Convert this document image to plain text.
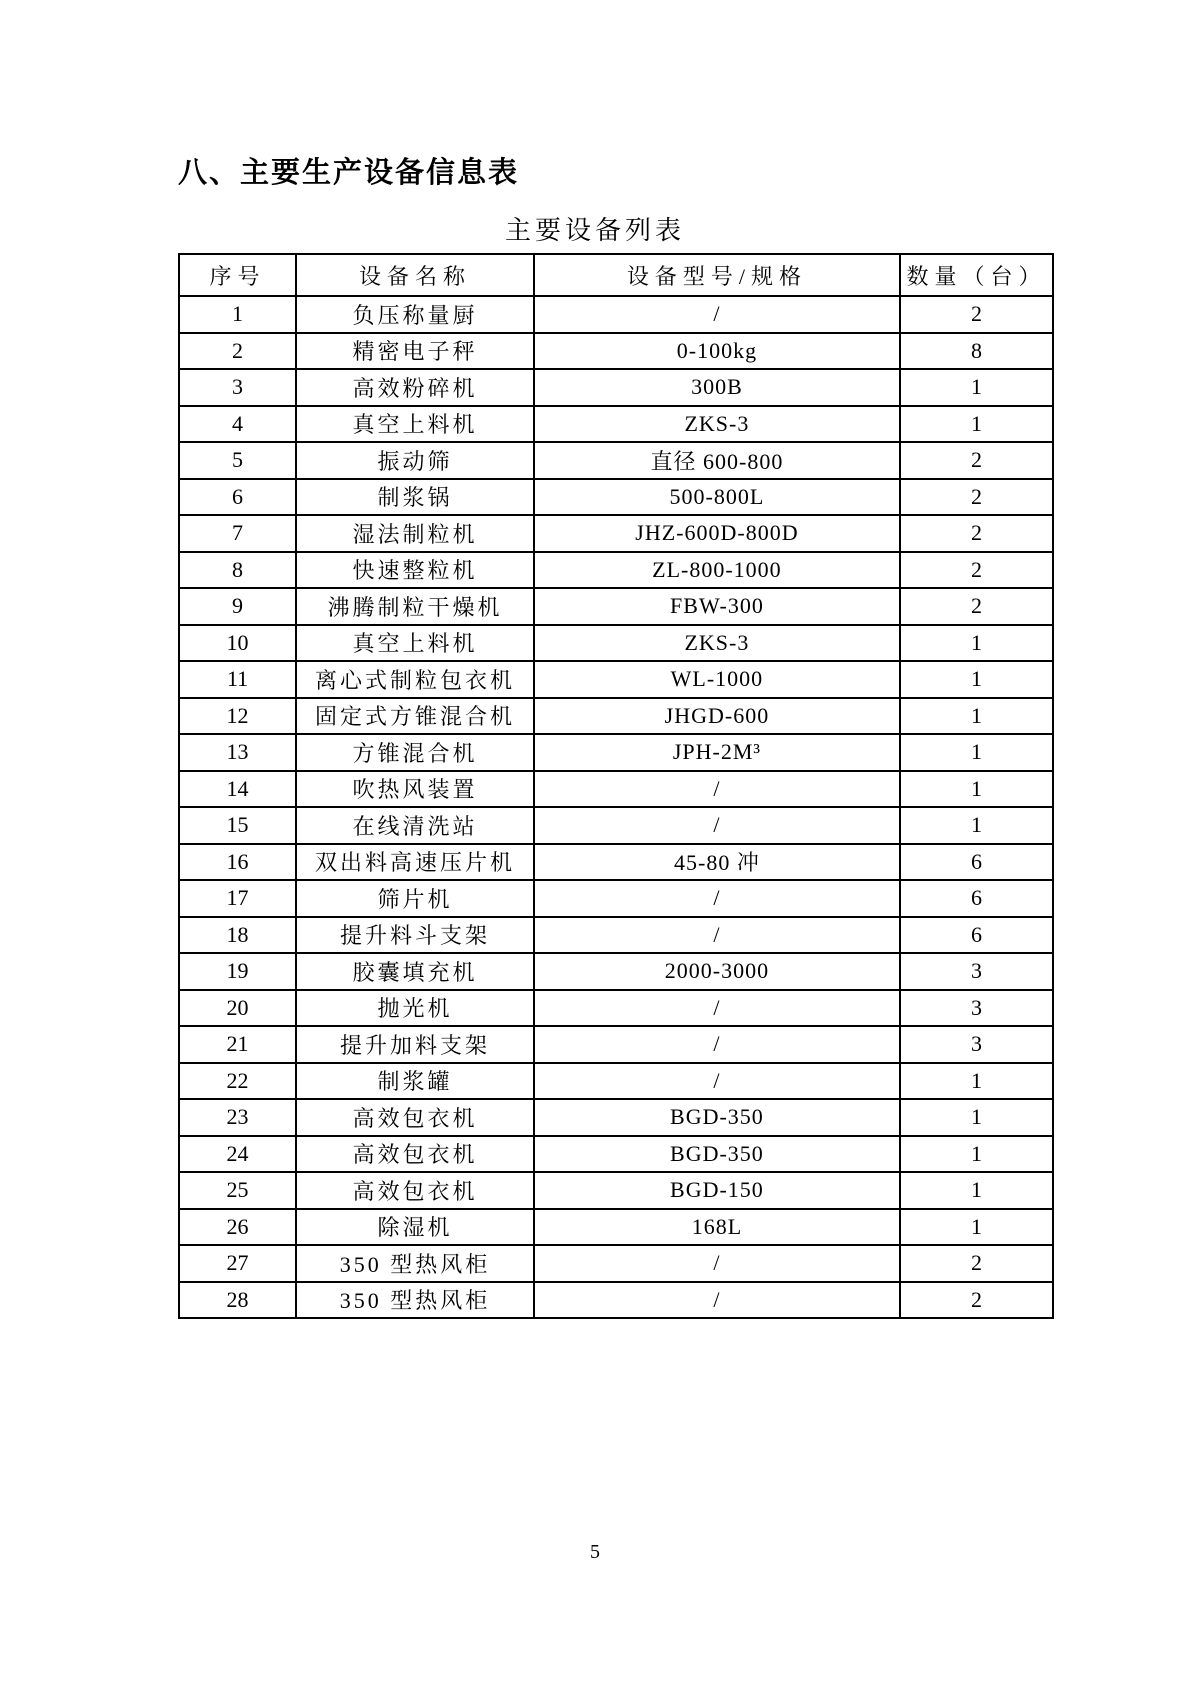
八、主要生产设备信息表
主要设备列表
序号	设备名称	设备型号/规格	数量（台）
1	负压称量厨	/	2
2	精密电子秤	0-100kg	8
3	高效粉碎机	300B	1
4	真空上料机	ZKS-3	1
5	振动筛	直径 600-800	2
6	制浆锅	500-800L	2
7	湿法制粒机	JHZ-600D-800D	2
8	快速整粒机	ZL-800-1000	2
9	沸腾制粒干燥机	FBW-300	2
10	真空上料机	ZKS-3	1
11	离心式制粒包衣机	WL-1000	1
12	固定式方锥混合机	JHGD-600	1
13	方锥混合机	JPH-2M³	1
14	吹热风装置	/	1
15	在线清洗站	/	1
16	双出料高速压片机	45-80 冲	6
17	筛片机	/	6
18	提升料斗支架	/	6
19	胶囊填充机	2000-3000	3
20	抛光机	/	3
21	提升加料支架	/	3
22	制浆罐	/	1
23	高效包衣机	BGD-350	1
24	高效包衣机	BGD-350	1
25	高效包衣机	BGD-150	1
26	除湿机	168L	1
27	350 型热风柜	/	2
28	350 型热风柜	/	2
5
